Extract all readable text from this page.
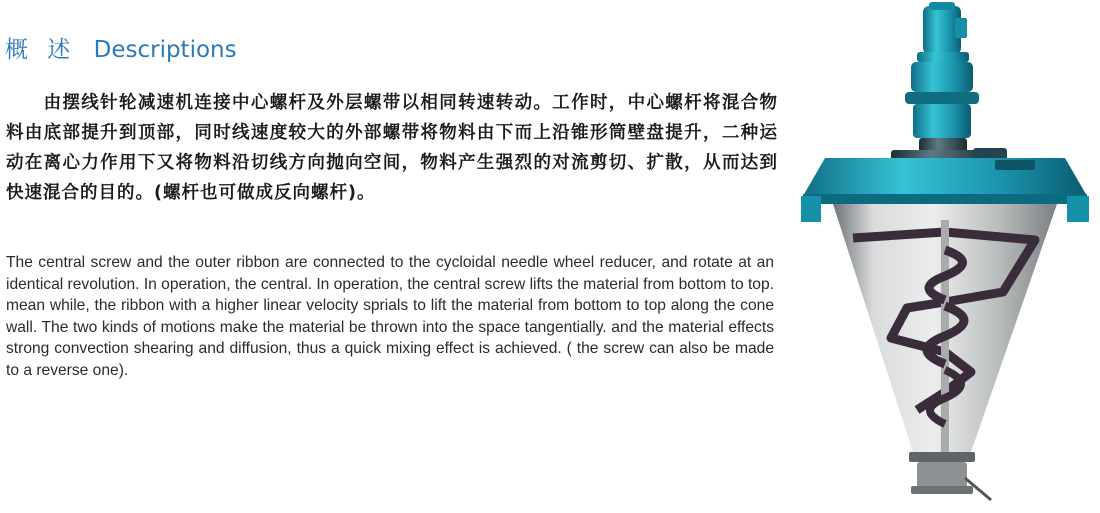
概 述 Descriptions
由摆线针轮减速机连接中心螺杆及外层螺带以相同转速转动。工作时，中心螺杆将混合物料由底部提升到顶部，同时线速度较大的外部螺带将物料由下而上沿锥形筒壁盘提升，二种运动在离心力作用下又将物料沿切线方向抛向空间，物料产生强烈的对流剪切、扩散，从而达到快速混合的目的。(螺杆也可做成反向螺杆)。
The central screw and the outer ribbon are connected to the cycloidal needle wheel reducer, and rotate at an identical revolution. In operation, the central. In operation, the central screw lifts the material from bottom to top. mean while, the ribbon with a higher linear velocity sprials to lift the material from bottom to top along the cone wall. The two kinds of motions make the material be thrown into the space tangentially. and the material effects strong convection shearing and diffusion, thus a quick mixing effect is achieved. ( the screw can also be made to a reverse one).
